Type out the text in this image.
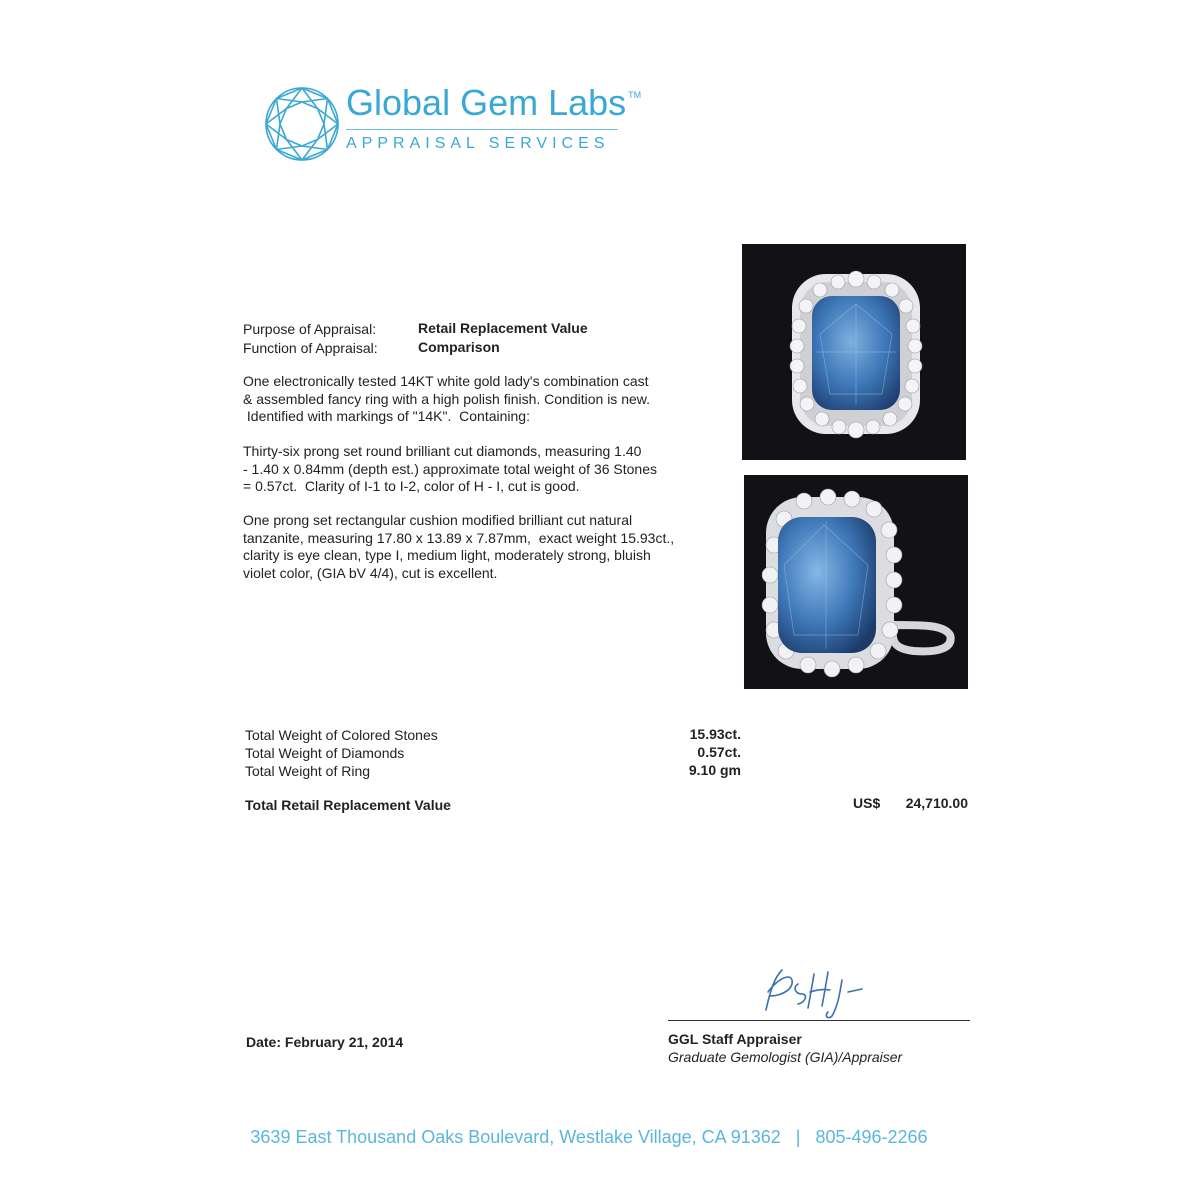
Global Gem Labs ™
APPRAISAL SERVICES
Purpose of Appraisal:	Retail Replacement Value
Function of Appraisal:	Comparison
One electronically tested 14KT white gold lady's combination cast
& assembled fancy ring with a high polish finish. Condition is new.
Identified with markings of "14K".  Containing:
Thirty-six prong set round brilliant cut diamonds, measuring 1.40
- 1.40 x 0.84mm (depth est.) approximate total weight of 36 Stones
= 0.57ct.  Clarity of I-1 to I-2, color of H - I, cut is good.
One prong set rectangular cushion modified brilliant cut natural
tanzanite, measuring 17.80 x 13.89 x 7.87mm,  exact weight 15.93ct.,
clarity is eye clean, type I, medium light, moderately strong, bluish
violet color, (GIA bV 4/4), cut is excellent.
Total Weight of Colored Stones	15.93ct.
Total Weight of Diamonds	0.57ct.
Total Weight of Ring	9.10 gm
Total Retail Replacement Value	US$	24,710.00
Date: February 21, 2014	GGL Staff Appraiser
Graduate Gemologist (GIA)/Appraiser
3639 East Thousand Oaks Boulevard, Westlake Village, CA 91362 | 805-496-2266
